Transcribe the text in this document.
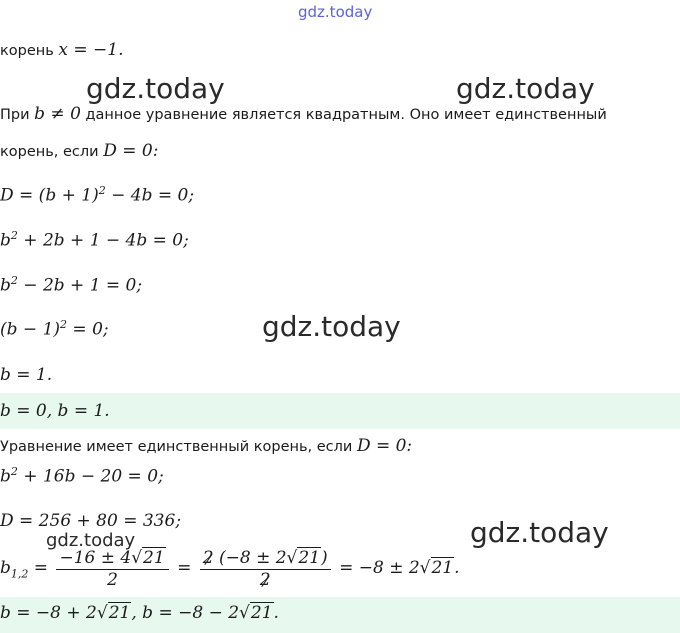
gdz.today
gdz.today	gdz.today
gdz.today
gdz.today
gdz.today
корень x = −1.
При b ≠ 0 данное уравнение является квадратным. Оно имеет единственный
корень, если D = 0:
$D = (b + 1)^2 - 4b = 0$;
$b^2 + 2b + 1 - 4b = 0$;
$b^2 - 2b + 1 = 0$;
$(b - 1)^2 = 0$;
b = 1.
b = 0, b = 1.
Уравнение имеет единственный корень, если D = 0:
$b^2 + 16b - 20 = 0$;
D = 256 + 80 = 336;
$b_{1,2} = \frac{-16 \pm 4√21}{2} = \frac{2 (-8 \pm 2√21)}{2} = -8 \pm 2√21$.
b = −8 + 2√21, b = −8 − 2√21.
